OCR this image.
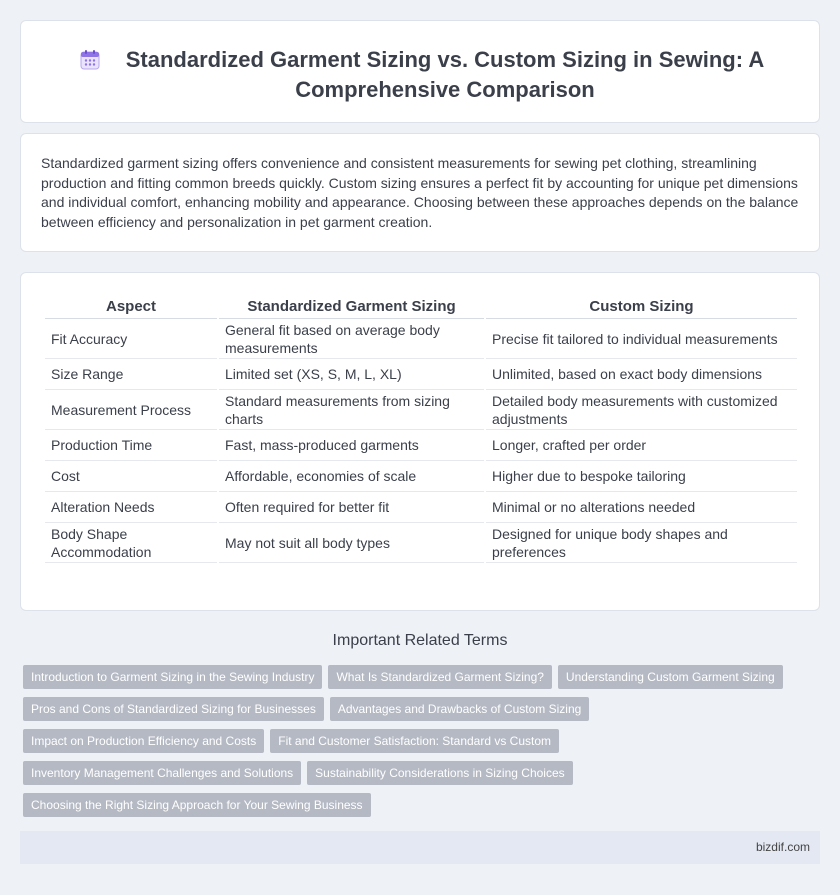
Standardized Garment Sizing vs. Custom Sizing in Sewing: A Comprehensive Comparison

Standardized garment sizing offers convenience and consistent measurements for sewing pet clothing, streamlining production and fitting common breeds quickly. Custom sizing ensures a perfect fit by accounting for unique pet dimensions and individual comfort, enhancing mobility and appearance. Choosing between these approaches depends on the balance between efficiency and personalization in pet garment creation.

Aspect	Standardized Garment Sizing	Custom Sizing
Fit Accuracy	General fit based on average body measurements	Precise fit tailored to individual measurements
Size Range	Limited set (XS, S, M, L, XL)	Unlimited, based on exact body dimensions
Measurement Process	Standard measurements from sizing charts	Detailed body measurements with customized adjustments
Production Time	Fast, mass-produced garments	Longer, crafted per order
Cost	Affordable, economies of scale	Higher due to bespoke tailoring
Alteration Needs	Often required for better fit	Minimal or no alterations needed
Body Shape Accommodation	May not suit all body types	Designed for unique body shapes and preferences
Important Related Terms
Introduction to Garment Sizing in the Sewing Industry	What Is Standardized Garment Sizing?	Understanding Custom Garment Sizing
Pros and Cons of Standardized Sizing for Businesses	Advantages and Drawbacks of Custom Sizing
Impact on Production Efficiency and Costs	Fit and Customer Satisfaction: Standard vs Custom
Inventory Management Challenges and Solutions	Sustainability Considerations in Sizing Choices
Choosing the Right Sizing Approach for Your Sewing Business
bizdif.com
